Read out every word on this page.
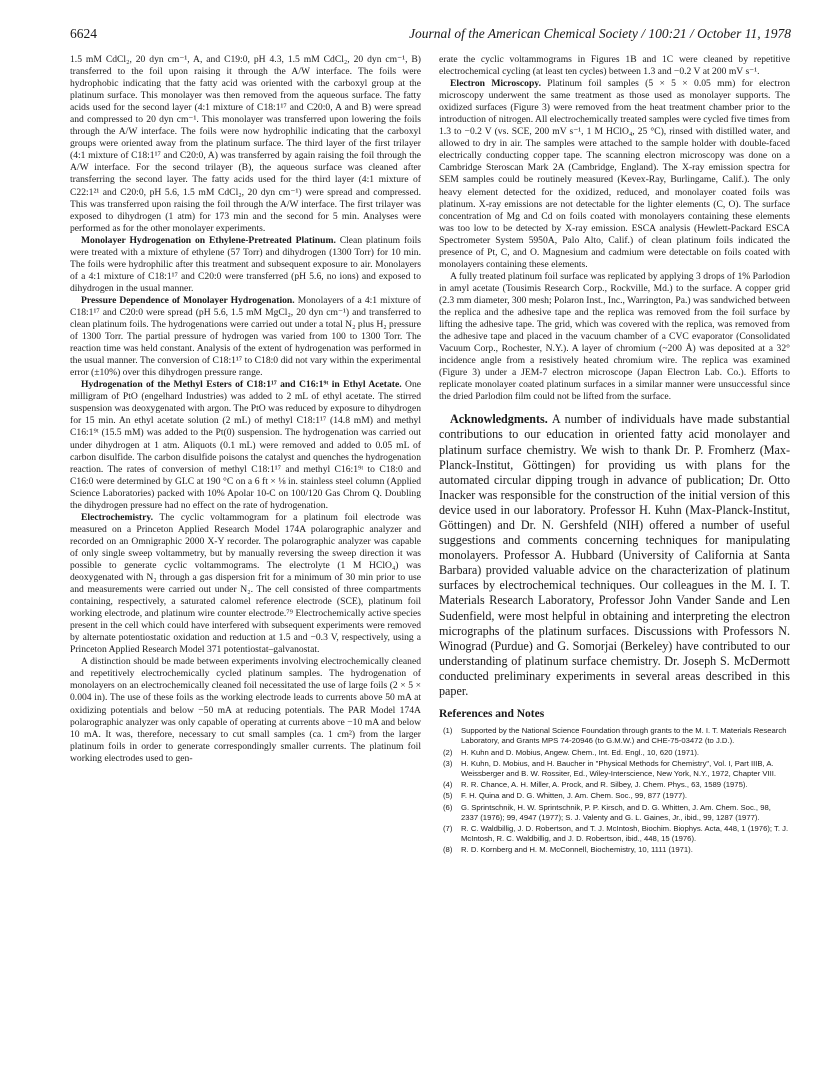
6624	Journal of the American Chemical Society / 100:21 / October 11, 1978

1.5 mM CdCl₂, 20 dyn cm⁻¹, A, and C19:0, pH 4.3, 1.5 mM CdCl₂, 20 dyn cm⁻¹, B) transferred to the foil upon raising it through the A/W interface. The foils were hydrophobic indicating that the fatty acid was oriented with the carboxyl group at the platinum surface. This monolayer was then removed from the aqueous surface. The fatty acids used for the second layer (4:1 mixture of C18:1¹⁷ and C20:0, A and B) were spread and compressed to 20 dyn cm⁻¹. This monolayer was transferred upon lowering the foils through the A/W interface. The foils were now hydrophilic indicating that the carboxyl groups were oriented away from the platinum surface. The third layer of the first trilayer (4:1 mixture of C18:1¹⁷ and C20:0, A) was transferred by again raising the foil through the A/W interface. For the second trilayer (B), the aqueous surface was cleaned after transferring the second layer. The fatty acids used for the third layer (4:1 mixture of C22:1²¹ and C20:0, pH 5.6, 1.5 mM CdCl₂, 20 dyn cm⁻¹) were spread and compressed. This was transferred upon raising the foil through the A/W interface. The first trilayer was exposed to dihydrogen (1 atm) for 173 min and the second for 5 min. Analyses were performed as for the other monolayer experiments.

Monolayer Hydrogenation on Ethylene-Pretreated Platinum. Clean platinum foils were treated with a mixture of ethylene (57 Torr) and dihydrogen (1300 Torr) for 10 min. The foils were hydrophilic after this treatment and subsequent exposure to air. Monolayers of a 4:1 mixture of C18:1¹⁷ and C20:0 were transferred (pH 5.6, no ions) and exposed to dihydrogen in the usual manner.

Pressure Dependence of Monolayer Hydrogenation. Monolayers of a 4:1 mixture of C18:1¹⁷ and C20:0 were spread (pH 5.6, 1.5 mM MgCl₂, 20 dyn cm⁻¹) and transferred to clean platinum foils. The hydrogenations were carried out under a total N₂ plus H₂ pressure of 1300 Torr. The partial pressure of hydrogen was varied from 100 to 1300 Torr. The reaction time was held constant. Analysis of the extent of hydrogenation was performed in the usual manner. The conversion of C18:1¹⁷ to C18:0 did not vary within the experimental error (±10%) over this dihydrogen pressure range.

Hydrogenation of the Methyl Esters of C18:1¹⁷ and C16:1⁹ᵗ in Ethyl Acetate. One milligram of PtO (engelhard Industries) was added to 2 mL of ethyl acetate. The stirred suspension was deoxygenated with argon. The PtO was reduced by exposure to dihydrogen for 15 min. An ethyl acetate solution (2 mL) of methyl C18:1¹⁷ (14.8 mM) and methyl C16:1⁹ᵗ (15.5 mM) was added to the Pt(0) suspension. The hydrogenation was carried out under dihydrogen at 1 atm. Aliquots (0.1 mL) were removed and added to 0.05 mL of carbon disulfide. The carbon disulfide poisons the catalyst and quenches the hydrogenation reaction. The rates of conversion of methyl C18:1¹⁷ and methyl C16:1⁹ᵗ to C18:0 and C16:0 were determined by GLC at 190 °C on a 6 ft × ⅛ in. stainless steel column (Applied Science Laboratories) packed with 10% Apolar 10-C on 100/120 Gas Chrom Q. Doubling the dihydrogen pressure had no effect on the rate of hydrogenation.

Electrochemistry. The cyclic voltammogram for a platinum foil electrode was measured on a Princeton Applied Research Model 174A polarographic analyzer and recorded on an Omnigraphic 2000 X-Y recorder. The polarographic analyzer was capable of only single sweep voltammetry, but by manually reversing the sweep direction it was possible to generate cyclic voltammograms. The electrolyte (1 M HClO₄) was deoxygenated with N₂ through a gas dispersion frit for a minimum of 30 min prior to use and measurements were carried out under N₂. The cell consisted of three compartments containing, respectively, a saturated calomel reference electrode (SCE), platinum foil working electrode, and platinum wire counter electrode.⁷⁹ Electrochemically active species present in the cell which could have interfered with subsequent experiments were removed by alternate potentiostatic oxidation and reduction at 1.5 and −0.3 V, respectively, using a Princeton Applied Research Model 371 potentiostat–galvanostat.

A distinction should be made between experiments involving electrochemically cleaned and repetitively electrochemically cycled platinum samples. The hydrogenation of monolayers on an electrochemically cleaned foil necessitated the use of large foils (2 × 5 × 0.004 in). The use of these foils as the working electrode leads to currents above 50 mA at oxidizing potentials and below −50 mA at reducing potentials. The PAR Model 174A polarographic analyzer was only capable of operating at currents above −10 mA and below 10 mA. It was, therefore, necessary to cut small samples (ca. 1 cm²) from the larger platinum foils in order to generate correspondingly smaller currents. The platinum foil working electrodes used to gen-

erate the cyclic voltammograms in Figures 1B and 1C were cleaned by repetitive electrochemical cycling (at least ten cycles) between 1.3 and −0.2 V at 200 mV s⁻¹.

Electron Microscopy. Platinum foil samples (5 × 5 × 0.05 mm) for electron microscopy underwent the same treatment as those used as monolayer supports. The oxidized surfaces (Figure 3) were removed from the heat treatment chamber prior to the introduction of nitrogen. All electrochemically treated samples were cycled five times from 1.3 to −0.2 V (vs. SCE, 200 mV s⁻¹, 1 M HClO₄, 25 °C), rinsed with distilled water, and allowed to dry in air. The samples were attached to the sample holder with double-faced electrically conducting copper tape. The scanning electron microscopy was done on a Cambridge Steroscan Mark 2A (Cambridge, England). The X-ray emission spectra for SEM samples could be routinely measured (Kevex-Ray, Burlingame, Calif.). The only heavy element detected for the oxidized, reduced, and monolayer coated foils was platinum. X-ray emissions are not detectable for the lighter elements (C, O). The surface concentration of Mg and Cd on foils coated with monolayers containing these elements was too low to be detected by X-ray emission. ESCA analysis (Hewlett-Packard ESCA Spectrometer System 5950A, Palo Alto, Calif.) of clean platinum foils indicated the presence of Pt, C, and O. Magnesium and cadmium were detectable on foils coated with monolayers containing these elements.

A fully treated platinum foil surface was replicated by applying 3 drops of 1% Parlodion in amyl acetate (Tousimis Research Corp., Rockville, Md.) to the surface. A copper grid (2.3 mm diameter, 300 mesh; Polaron Inst., Inc., Warrington, Pa.) was sandwiched between the replica and the adhesive tape and the replica was removed from the foil surface by lifting the adhesive tape. The grid, which was covered with the replica, was removed from the adhesive tape and placed in the vacuum chamber of a CVC evaporator (Consolidated Vacuum Corp., Rochester, N.Y.). A layer of chromium (~200 Å) was deposited at a 32° incidence angle from a resistively heated chromium wire. The replica was examined (Figure 3) under a JEM-7 electron microscope (Japan Electron Lab. Co.). Efforts to replicate monolayer coated platinum surfaces in a similar manner were unsuccessful since the dried Parlodion film could not be lifted from the surface.

Acknowledgments. A number of individuals have made substantial contributions to our education in oriented fatty acid monolayer and platinum surface chemistry. We wish to thank Dr. P. Fromherz (Max-Planck-Institut, Göttingen) for providing us with plans for the automated circular dipping trough in advance of publication; Dr. Otto Inacker was responsible for the construction of the initial version of this device used in our laboratory. Professor H. Kuhn (Max-Planck-Institut, Göttingen) and Dr. N. Gershfeld (NIH) offered a number of useful suggestions and comments concerning techniques for manipulating monolayers. Professor A. Hubbard (University of California at Santa Barbara) provided valuable advice on the characterization of platinum surfaces by electrochemical techniques. Our colleagues in the M. I. T. Materials Research Laboratory, Professor John Vander Sande and Len Sudenfield, were most helpful in obtaining and interpreting the electron micrographs of the platinum surfaces. Discussions with Professors N. Winograd (Purdue) and G. Somorjai (Berkeley) have contributed to our understanding of platinum surface chemistry. Dr. Joseph S. McDermott conducted preliminary experiments in several areas described in this paper.

References and Notes
(1) Supported by the National Science Foundation through grants to the M. I. T. Materials Research Laboratory, and Grants MPS 74-20946 (to G.M.W.) and CHE-75-03472 (to J.D.).
(2) H. Kuhn and D. Mobius, Angew. Chem., Int. Ed. Engl., 10, 620 (1971).
(3) H. Kuhn, D. Mobius, and H. Baucher in "Physical Methods for Chemistry", Vol. I, Part IIIB, A. Weissberger and B. W. Rossiter, Ed., Wiley-Interscience, New York, N.Y., 1972, Chapter VIII.
(4) R. R. Chance, A. H. Miller, A. Prock, and R. Silbey, J. Chem. Phys., 63, 1589 (1975).
(5) F. H. Quina and D. G. Whitten, J. Am. Chem. Soc., 99, 877 (1977).
(6) G. Sprintschnik, H. W. Sprintschnik, P. P. Kirsch, and D. G. Whitten, J. Am. Chem. Soc., 98, 2337 (1976); 99, 4947 (1977); S. J. Valenty and G. L. Gaines, Jr., ibid., 99, 1287 (1977).
(7) R. C. Waldbillig, J. D. Robertson, and T. J. McIntosh, Biochim. Biophys. Acta, 448, 1 (1976); T. J. McIntosh, R. C. Waldbillig, and J. D. Robertson, ibid., 448, 15 (1976).
(8) R. D. Kornberg and H. M. McConnell, Biochemistry, 10, 1111 (1971).
